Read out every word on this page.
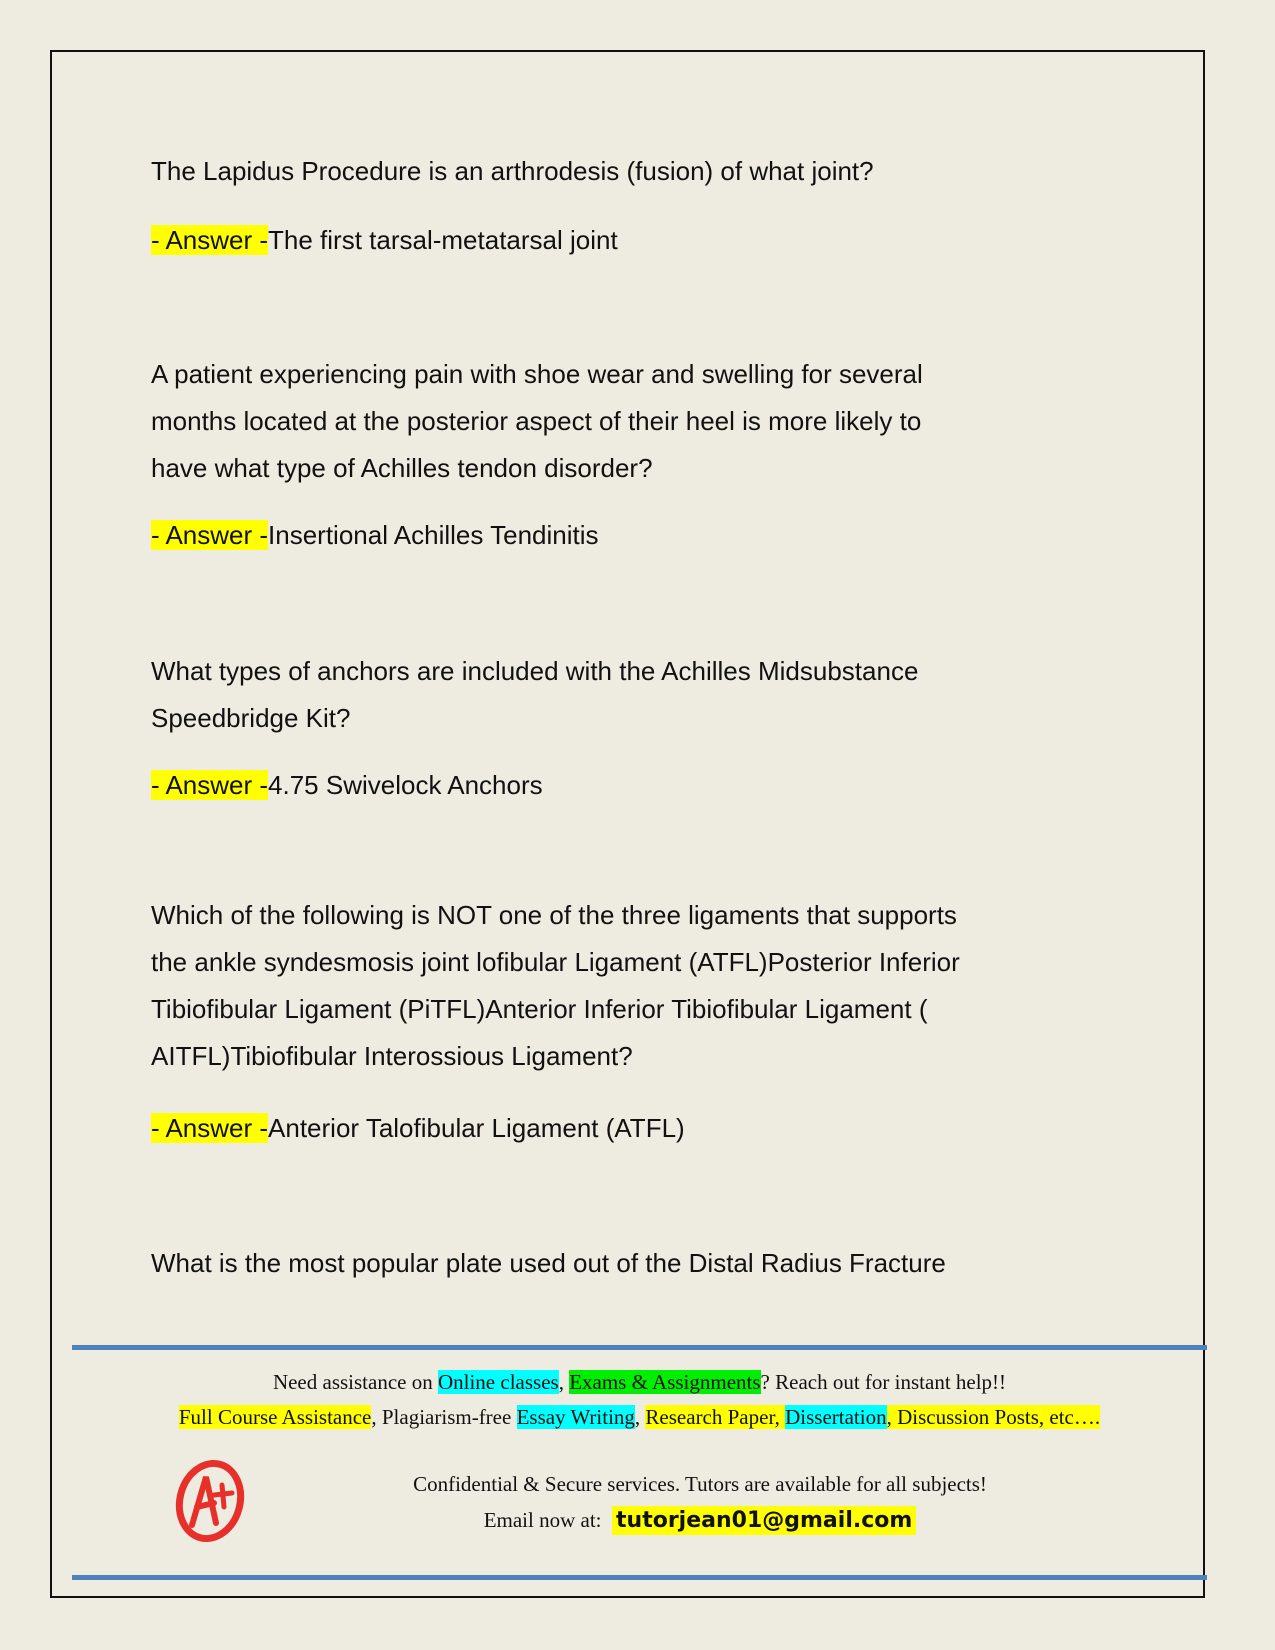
The Lapidus Procedure is an arthrodesis (fusion) of what joint?
- Answer -The first tarsal-metatarsal joint
A patient experiencing pain with shoe wear and swelling for several
months located at the posterior aspect of their heel is more likely to
have what type of Achilles tendon disorder?
- Answer -Insertional Achilles Tendinitis
What types of anchors are included with the Achilles Midsubstance
Speedbridge Kit?
- Answer -4.75 Swivelock Anchors
Which of the following is NOT one of the three ligaments that supports
the ankle syndesmosis joint lofibular Ligament (ATFL)Posterior Inferior
Tibiofibular Ligament (PiTFL)Anterior Inferior Tibiofibular Ligament (
AITFL)Tibiofibular Interossious Ligament?
- Answer -Anterior Talofibular Ligament (ATFL)
What is the most popular plate used out of the Distal Radius Fracture
Need assistance on Online classes, Exams & Assignments? Reach out for instant help!!
Full Course Assistance, Plagiarism-free Essay Writing, Research Paper, Dissertation, Discussion Posts, etc….
Confidential & Secure services. Tutors are available for all subjects!
Email now at: tutorjean01@gmail.com
